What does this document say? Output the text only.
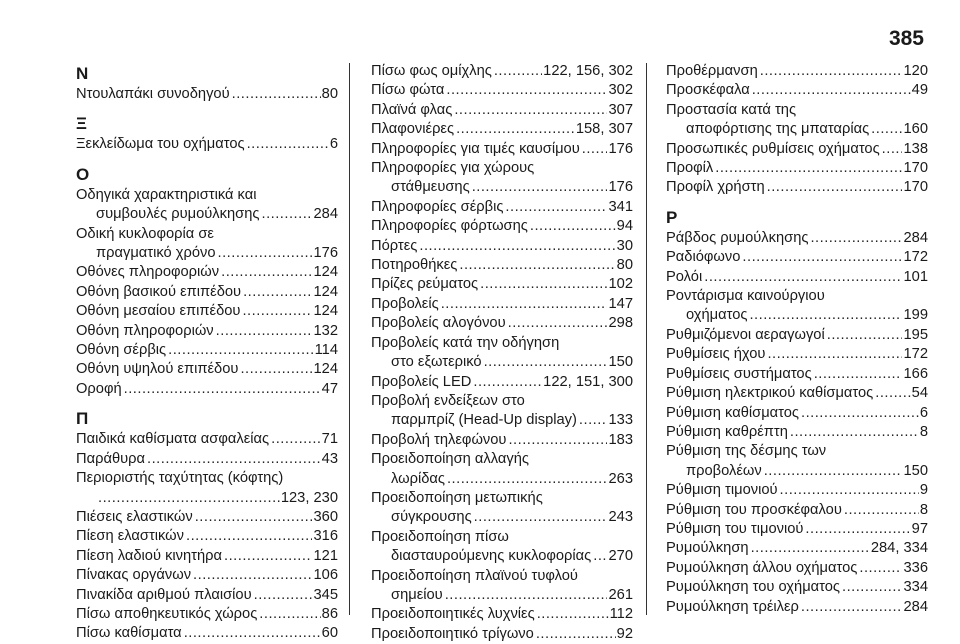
385
Ν
Ντουλαπάκι συνοδηγού .....	80
Ξ
Ξεκλείδωμα του οχήματος .....	6
Ο
Οδηγικά χαρακτηριστικά και
συμβουλές ρυμούλκησης .....	284
Οδική κυκλοφορία σε
πραγματικό χρόνο .....	176
Οθόνες πληροφοριών .....	124
Οθόνη βασικού επιπέδου .....	124
Οθόνη μεσαίου επιπέδου .....	124
Οθόνη πληροφοριών .....	132
Οθόνη σέρβις .....	114
Οθόνη υψηλού επιπέδου .....	124
Οροφή .....	47
Π
Παιδικά καθίσματα ασφαλείας .....	71
Παράθυρα .....	43
Περιοριστής ταχύτητας (κόφτης)
.....
123, 230
Πιέσεις ελαστικών .....	360
Πίεση ελαστικών .....	316
Πίεση λαδιού κινητήρα .....	121
Πίνακας οργάνων .....	106
Πινακίδα αριθμού πλαισίου .....	345
Πίσω αποθηκευτικός χώρος .....	86
Πίσω καθίσματα .....	60
Πίσω φως ομίχλης .....	122, 156, 302
Πίσω φώτα .....	302
Πλαϊνά φλας .....	307
Πλαφονιέρες .....	158, 307
Πληροφορίες για τιμές καυσίμου ..... 176
Πληροφορίες για χώρους
στάθμευσης .....	176
Πληροφορίες σέρβις .....	341
Πληροφορίες φόρτωσης .....	94
Πόρτες .....	30
Ποτηροθήκες .....	80
Πρίζες ρεύματος .....	102
Προβολείς .....	147
Προβολείς αλογόνου .....	298
Προβολείς κατά την οδήγηση
στο εξωτερικό .....	150
Προβολείς LED .....	122, 151, 300
Προβολή ενδείξεων στο
παρμπρίζ (Head-Up display) ..... 133
Προβολή τηλεφώνου .....	183
Προειδοποίηση αλλαγής
λωρίδας .....	263
Προειδοποίηση μετωπικής
σύγκρουσης .....	243
Προειδοποίηση πίσω
διασταυρούμενης κυκλοφορίας ..... 270
Προειδοποίηση πλαϊνού τυφλού
σημείου .....	261
Προειδοποιητικές λυχνίες .....	112
Προειδοποιητικό τρίγωνο .....	92
Προθέρμανση .....	120
Προσκέφαλα .....	49
Προστασία κατά της
αποφόρτισης της μπαταρίας ..... 160
Προσωπικές ρυθμίσεις οχήματος ..... 138
Προφίλ .....	170
Προφίλ χρήστη .....	170
Ρ
Ράβδος ρυμούλκησης .....	284
Ραδιόφωνο .....	172
Ρολόι .....	101
Ροντάρισμα καινούργιου
οχήματος .....	199
Ρυθμιζόμενοι αεραγωγοί .....	195
Ρυθμίσεις ήχου .....	172
Ρυθμίσεις συστήματος .....	166
Ρύθμιση ηλεκτρικού καθίσματος .....	54
Ρύθμιση καθίσματος .....	6
Ρύθμιση καθρέπτη .....	8
Ρύθμιση της δέσμης των
προβολέων .....	150
Ρύθμιση τιμονιού .....	9
Ρύθμιση του προσκέφαλου .....	8
Ρύθμιση του τιμονιού .....	97
Ρυμούλκηση .....	284, 334
Ρυμούλκηση άλλου οχήματος .....	336
Ρυμούλκηση του οχήματος .....	334
Ρυμούλκηση τρέιλερ .....	284
